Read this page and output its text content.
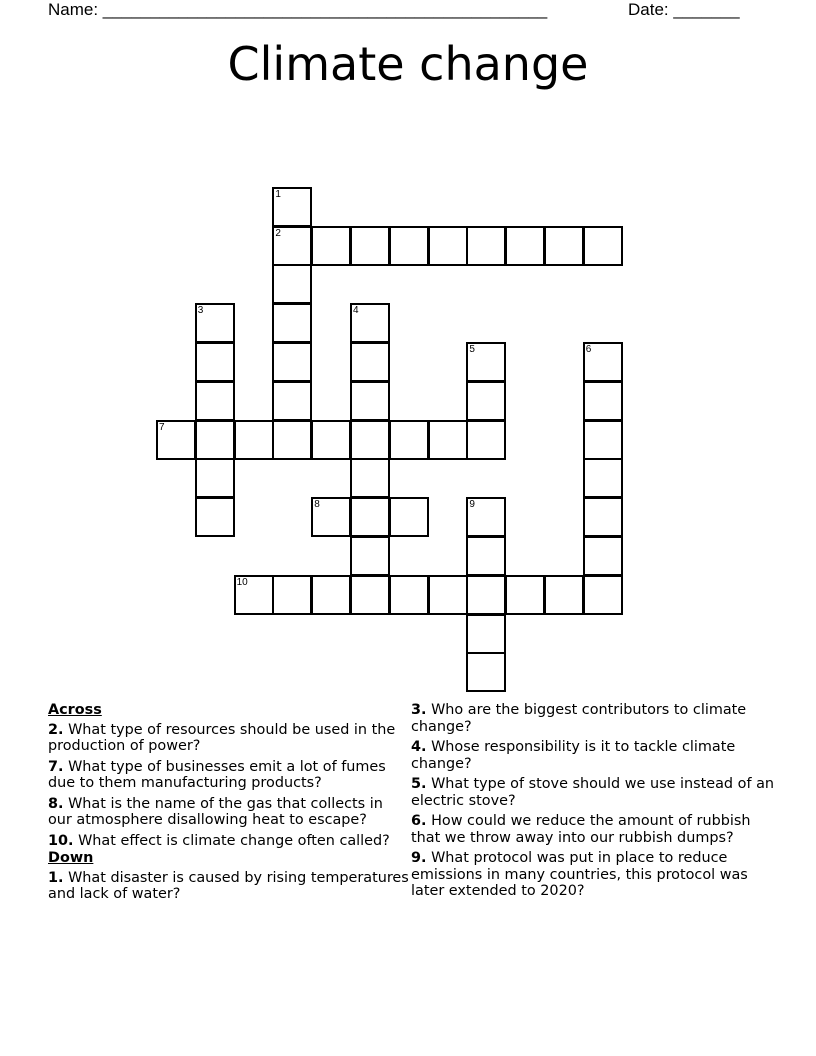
Name: _______________________________________________	Date: _______
Climate change
1
2
3	4
5	6
7
8	9
10
Across
2. What type of resources should be used in the production of power?
7. What type of businesses emit a lot of fumes due to them manufacturing products?
8. What is the name of the gas that collects in our atmosphere disallowing heat to escape?
10. What effect is climate change often called?
Down
1. What disaster is caused by rising temperatures and lack of water?
3. Who are the biggest contributors to climate change?
4. Whose responsibility is it to tackle climate change?
5. What type of stove should we use instead of an electric stove?
6. How could we reduce the amount of rubbish that we throw away into our rubbish dumps?
9. What protocol was put in place to reduce emissions in many countries, this protocol was later extended to 2020?
